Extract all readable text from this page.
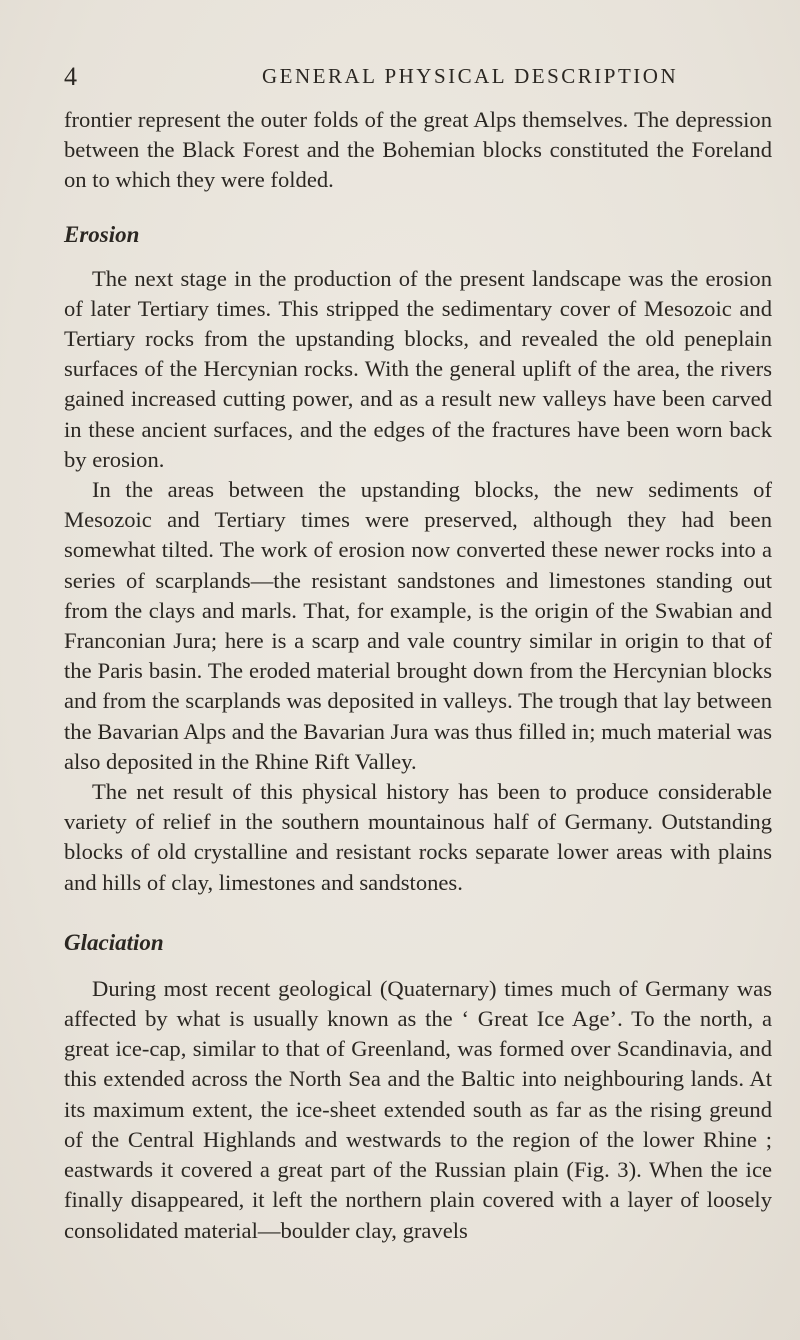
4	GENERAL PHYSICAL DESCRIPTION

frontier represent the outer folds of the great Alps themselves. The depression between the Black Forest and the Bohemian blocks constituted the Foreland on to which they were folded.

Erosion

The next stage in the production of the present landscape was the erosion of later Tertiary times. This stripped the sedimentary cover of Mesozoic and Tertiary rocks from the upstanding blocks, and revealed the old peneplain surfaces of the Hercynian rocks. With the general uplift of the area, the rivers gained increased cutting power, and as a result new valleys have been carved in these ancient surfaces, and the edges of the fractures have been worn back by erosion.

In the areas between the upstanding blocks, the new sediments of Mesozoic and Tertiary times were preserved, although they had been somewhat tilted. The work of erosion now converted these newer rocks into a series of scarplands—the resistant sandstones and limestones standing out from the clays and marls. That, for example, is the origin of the Swabian and Franconian Jura; here is a scarp and vale country similar in origin to that of the Paris basin. The eroded material brought down from the Hercynian blocks and from the scarplands was deposited in valleys. The trough that lay between the Bavarian Alps and the Bavarian Jura was thus filled in; much material was also deposited in the Rhine Rift Valley.

The net result of this physical history has been to produce considerable variety of relief in the southern mountainous half of Germany. Outstanding blocks of old crystalline and resistant rocks separate lower areas with plains and hills of clay, limestones and sandstones.

Glaciation

During most recent geological (Quaternary) times much of Germany was affected by what is usually known as the ‘ Great Ice Age’. To the north, a great ice-cap, similar to that of Greenland, was formed over Scandinavia, and this extended across the North Sea and the Baltic into neighbouring lands. At its maximum extent, the ice-sheet extended south as far as the rising greund of the Central Highlands and westwards to the region of the lower Rhine ; eastwards it covered a great part of the Russian plain (Fig. 3). When the ice finally disappeared, it left the northern plain covered with a layer of loosely consolidated material—boulder clay, gravels
